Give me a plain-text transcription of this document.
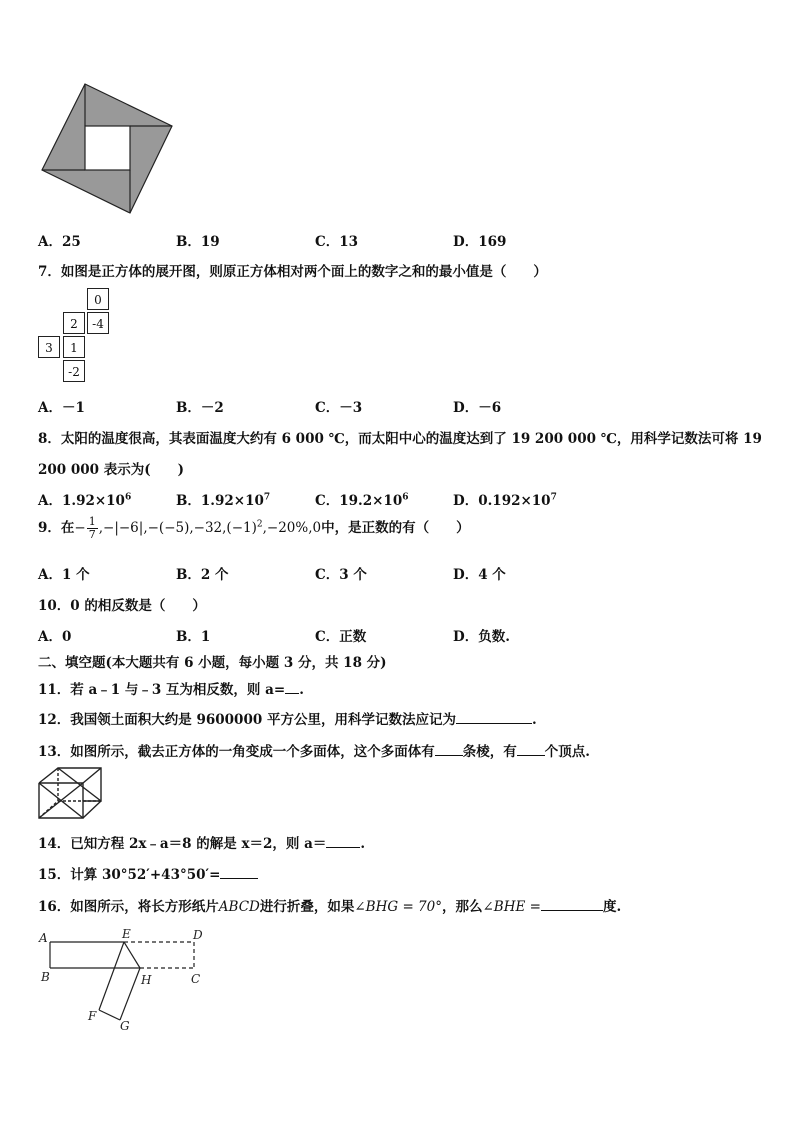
A．25	B．19	C．13	D．169
7．如图是正方体的展开图，则原正方体相对两个面上的数字之和的最小值是（　　）
0
2	-4
3	1
-2
A．－1	B．－2	C．－3	D．－6
8．太阳的温度很高，其表面温度大约有 6 000 ℃，而太阳中心的温度达到了 19 200 000 ℃，用科学记数法可将 19
200 000 表示为(　　)
A．$1.92\times 10^6$	B．$1.92\times 10^7$	C．$19.2\times 10^6$	D．$0.192\times 10^7$
9．在− $\frac{1}{7} ,-|-6|,-(-5),-32,(-1)^2,-20\%,0$中，是正数的有（　　）
A．1 个	B．2 个	C．3 个	D．4 个
10．0 的相反数是（　　）
A．0	B．1	C．正数	D．负数.
二、填空题(本大题共有 6 小题，每小题 3 分，共 18 分)
11．若 a﹣1 与﹣3 互为相反数，则 a= .
12．我国领土面积大约是 9600000 平方公里，用科学记数法应记为	.
13．如图所示，截去正方体的一角变成一个多面体，这个多面体有 条棱，有 个顶点.
14．已知方程 2x﹣a＝8 的解是 x＝2，则 a＝	.
15．计算 30°52′+43°50′=
16．如图所示，将长方形纸片ABCD进行折叠，如果∠BHG = 70°，那么∠BHE =	度.
A	E	D
B	H	C
F
G
